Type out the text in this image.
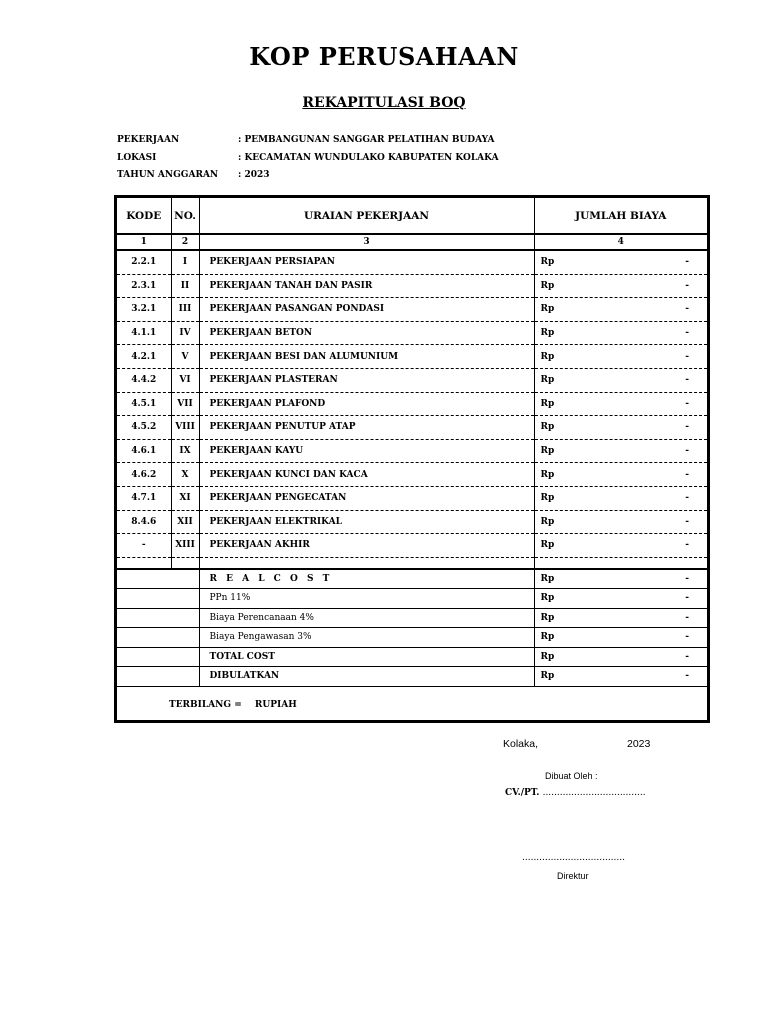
KOP PERUSAHAAN
REKAPITULASI BOQ
PEKERJAAN	: PEMBANGUNAN SANGGAR PELATIHAN BUDAYA
LOKASI	: KECAMATAN WUNDULAKO KABUPATEN KOLAKA
TAHUN ANGGARAN	: 2023
KODE	NO.	URAIAN PEKERJAAN	JUMLAH BIAYA
1	2	3	4
2.2.1	I	PEKERJAAN PERSIAPAN	Rp -

2.3.1	II	PEKERJAAN TANAH DAN PASIR	Rp -

3.2.1	III	PEKERJAAN PASANGAN PONDASI	Rp -

4.1.1	IV	PEKERJAAN BETON	Rp -

4.2.1	V	PEKERJAAN BESI DAN ALUMUNIUM	Rp -

4.4.2	VI	PEKERJAAN PLASTERAN	Rp -

4.5.1	VII	PEKERJAAN PLAFOND	Rp -

4.5.2	VIII	PEKERJAAN PENUTUP ATAP	Rp -

4.6.1	IX	PEKERJAAN KAYU	Rp -

4.6.2	X	PEKERJAAN KUNCI DAN KACA	Rp -

4.7.1	XI	PEKERJAAN PENGECATAN	Rp -

8.4.6	XII	PEKERJAAN ELEKTRIKAL	Rp -

-	XIII	PEKERJAAN AKHIR	Rp -

		R E A L C O S T	Rp -

		PPn 11%	Rp -

		Biaya Perencanaan 4%	Rp -

		Biaya Pengawasan 3%	Rp -

		TOTAL COST	Rp -

		DIBULATKAN	Rp -
TERBILANG = RUPIAH
Kolaka,	2023
Dibuat Oleh :
CV./PT. ....................................
....................................
Direktur
